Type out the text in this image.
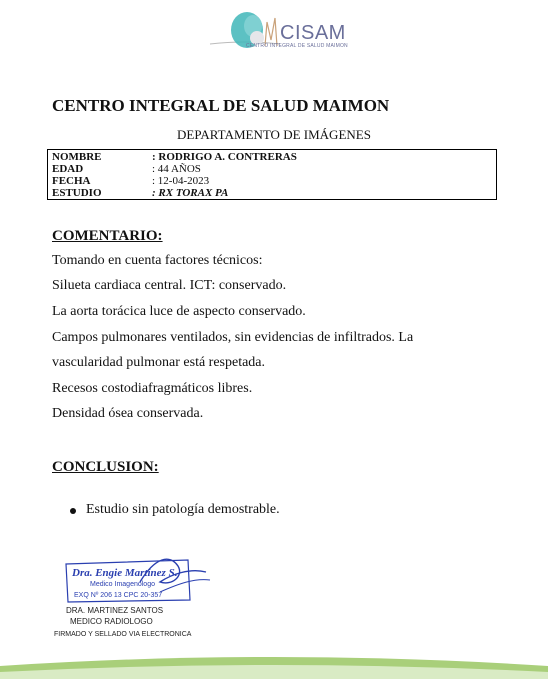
CISAM
CENTRO INTEGRAL DE SALUD MAIMON
CENTRO INTEGRAL DE SALUD MAIMON
DEPARTAMENTO DE IMÁGENES
NOMBRE	: RODRIGO A. CONTRERAS
EDAD	: 44 AÑOS
FECHA	: 12-04-2023
ESTUDIO	: RX TORAX PA
COMENTARIO:
Tomando en cuenta factores técnicos:
Silueta cardiaca central. ICT: conservado.
La aorta torácica luce de aspecto conservado.
Campos pulmonares ventilados, sin evidencias de infiltrados. La
vascularidad pulmonar está respetada.
Recesos costodiafragmáticos libres.
Densidad ósea conservada.
CONCLUSION:
Estudio sin patología demostrable.
Dra. Engie Martinez S.
Medico Imagenologo
EXQ Nº 206 13 CPC 20-357
DRA. MARTINEZ SANTOS
MEDICO RADIOLOGO
FIRMADO Y SELLADO VIA ELECTRONICA
